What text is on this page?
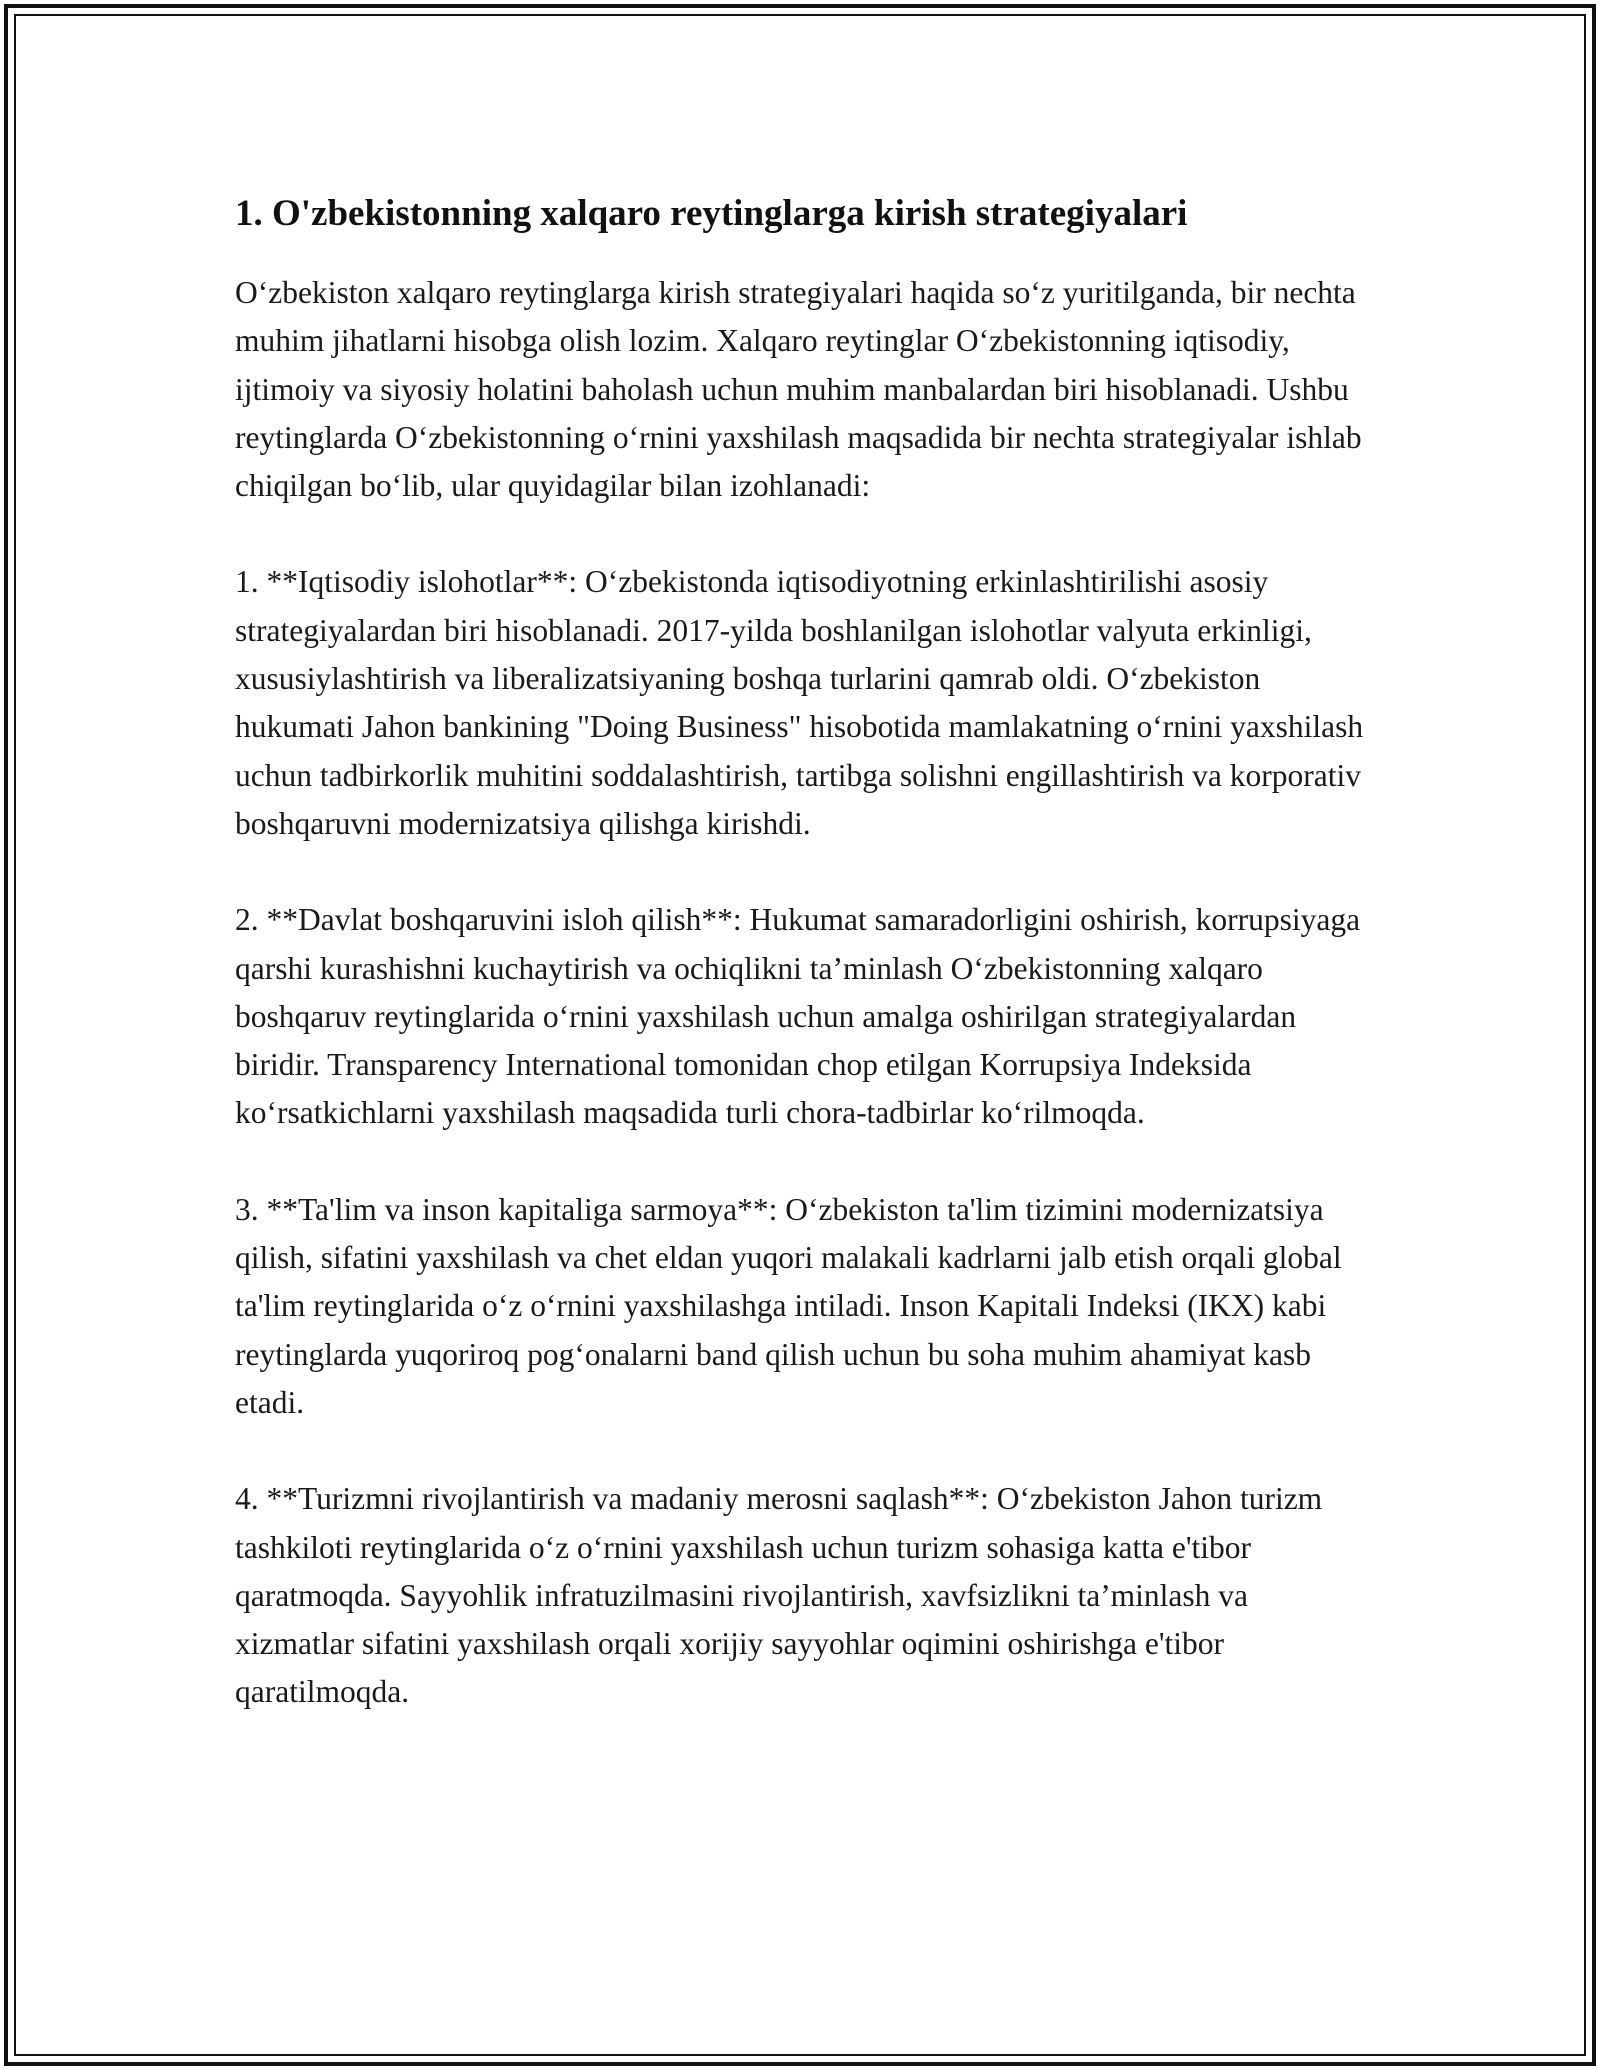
1. O'zbekistonning xalqaro reytinglarga kirish strategiyalari

O‘zbekiston xalqaro reytinglarga kirish strategiyalari haqida so‘z yuritilganda, bir nechta muhim jihatlarni hisobga olish lozim. Xalqaro reytinglar O‘zbekistonning iqtisodiy, ijtimoiy va siyosiy holatini baholash uchun muhim manbalardan biri hisoblanadi. Ushbu reytinglarda O‘zbekistonning o‘rnini yaxshilash maqsadida bir nechta strategiyalar ishlab chiqilgan bo‘lib, ular quyidagilar bilan izohlanadi:

1. **Iqtisodiy islohotlar**: O‘zbekistonda iqtisodiyotning erkinlashtirilishi asosiy strategiyalardan biri hisoblanadi. 2017-yilda boshlanilgan islohotlar valyuta erkinligi, xususiylashtirish va liberalizatsiyaning boshqa turlarini qamrab oldi. O‘zbekiston hukumati Jahon bankining "Doing Business" hisobotida mamlakatning o‘rnini yaxshilash uchun tadbirkorlik muhitini soddalashtirish, tartibga solishni engillashtirish va korporativ boshqaruvni modernizatsiya qilishga kirishdi.

2. **Davlat boshqaruvini isloh qilish**: Hukumat samaradorligini oshirish, korrupsiyaga qarshi kurashishni kuchaytirish va ochiqlikni ta’minlash O‘zbekistonning xalqaro boshqaruv reytinglarida o‘rnini yaxshilash uchun amalga oshirilgan strategiyalardan biridir. Transparency International tomonidan chop etilgan Korrupsiya Indeksida ko‘rsatkichlarni yaxshilash maqsadida turli chora-tadbirlar ko‘rilmoqda.

3. **Ta'lim va inson kapitaliga sarmoya**: O‘zbekiston ta'lim tizimini modernizatsiya qilish, sifatini yaxshilash va chet eldan yuqori malakali kadrlarni jalb etish orqali global ta'lim reytinglarida o‘z o‘rnini yaxshilashga intiladi. Inson Kapitali Indeksi (IKX) kabi reytinglarda yuqoriroq pog‘onalarni band qilish uchun bu soha muhim ahamiyat kasb etadi.

4. **Turizmni rivojlantirish va madaniy merosni saqlash**: O‘zbekiston Jahon turizm tashkiloti reytinglarida o‘z o‘rnini yaxshilash uchun turizm sohasiga katta e'tibor qaratmoqda. Sayyohlik infratuzilmasini rivojlantirish, xavfsizlikni ta’minlash va xizmatlar sifatini yaxshilash orqali xorijiy sayyohlar oqimini oshirishga e'tibor qaratilmoqda.
